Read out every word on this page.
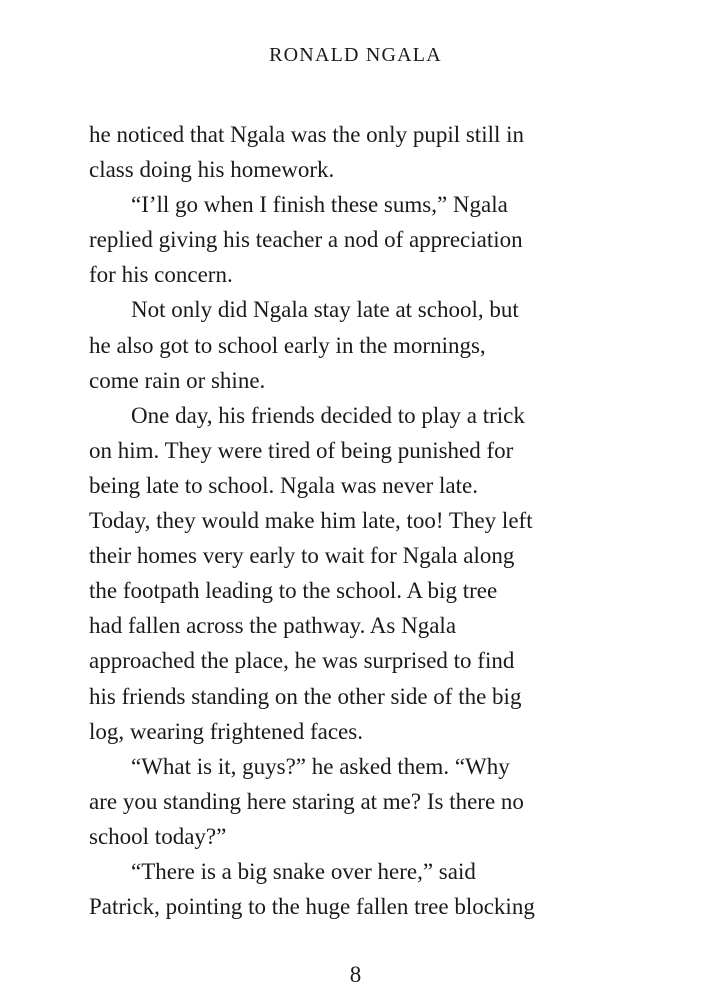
RONALD NGALA
he noticed that Ngala was the only pupil still in
class doing his homework.
“I’ll go when I finish these sums,” Ngala
replied giving his teacher a nod of appreciation
for his concern.
Not only did Ngala stay late at school, but
he also got to school early in the mornings,
come rain or shine.
One day, his friends decided to play a trick
on him. They were tired of being punished for
being late to school. Ngala was never late.
Today, they would make him late, too! They left
their homes very early to wait for Ngala along
the footpath leading to the school. A big tree
had fallen across the pathway. As Ngala
approached the place, he was surprised to find
his friends standing on the other side of the big
log, wearing frightened faces.
“What is it, guys?” he asked them. “Why
are you standing here staring at me? Is there no
school today?”
“There is a big snake over here,” said
Patrick, pointing to the huge fallen tree blocking
8
